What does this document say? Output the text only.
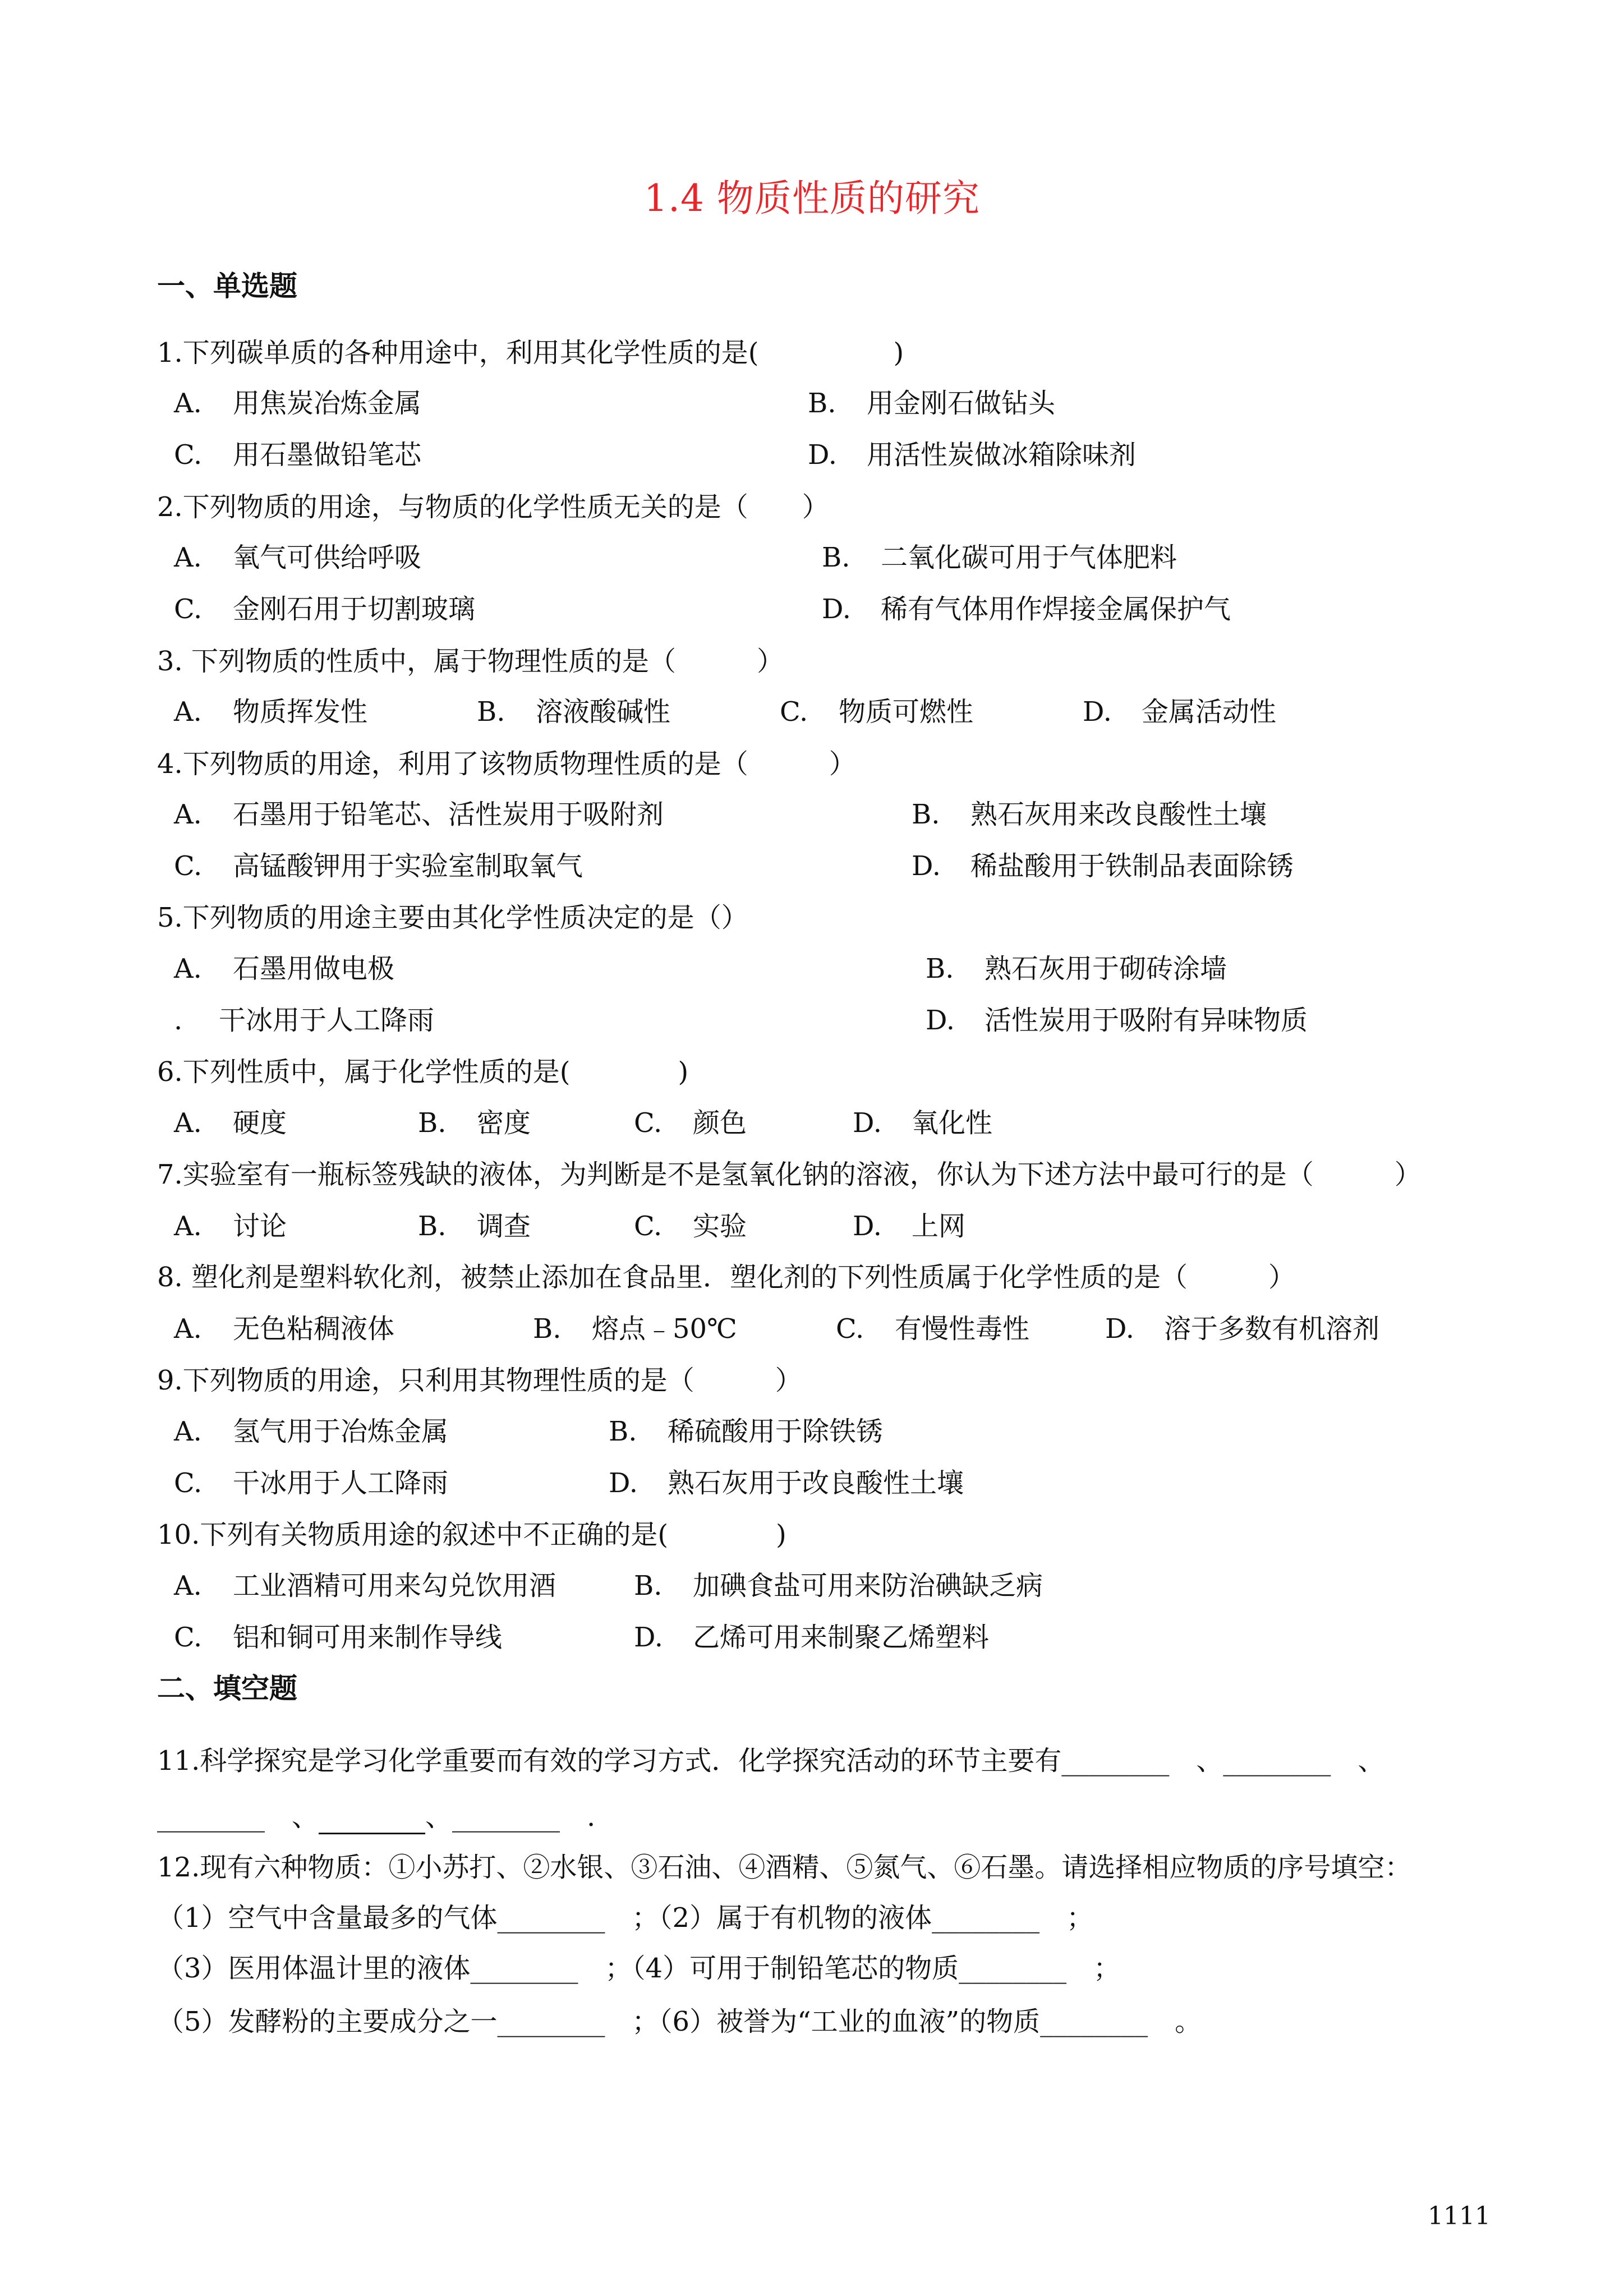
1.4 物质性质的研究
一、单选题
1.下列碳单质的各种用途中，利用其化学性质的是(　　　　　)
A. 用焦炭冶炼金属	B. 用金刚石做钻头
C. 用石墨做铅笔芯	D. 用活性炭做冰箱除味剂
2.下列物质的用途，与物质的化学性质无关的是（　　）
A. 氧气可供给呼吸	B. 二氧化碳可用于气体肥料
C. 金刚石用于切割玻璃	D. 稀有气体用作焊接金属保护气
3. 下列物质的性质中，属于物理性质的是（　　　）
A. 物质挥发性	B. 溶液酸碱性	C. 物质可燃性	D. 金属活动性
4.下列物质的用途，利用了该物质物理性质的是（　　　）
A. 石墨用于铅笔芯、活性炭用于吸附剂	B. 熟石灰用来改良酸性土壤
C. 高锰酸钾用于实验室制取氧气	D. 稀盐酸用于铁制品表面除锈
5.下列物质的用途主要由其化学性质决定的是（）
A. 石墨用做电极	B. 熟石灰用于砌砖涂墙
. 干冰用于人工降雨	D. 活性炭用于吸附有异味物质
6.下列性质中，属于化学性质的是(　　　　)
A. 硬度	B. 密度	C. 颜色	D. 氧化性
7.实验室有一瓶标签残缺的液体，为判断是不是氢氧化钠的溶液，你认为下述方法中最可行的是（　　　）
A. 讨论	B. 调查	C. 实验	D. 上网
8. 塑化剂是塑料软化剂，被禁止添加在食品里．塑化剂的下列性质属于化学性质的是（　　　）
A. 无色粘稠液体	B. 熔点﹣50℃	C. 有慢性毒性	D. 溶于多数有机溶剂
9.下列物质的用途，只利用其物理性质的是（　　　）
A. 氢气用于冶炼金属	B. 稀硫酸用于除铁锈
C. 干冰用于人工降雨	D. 熟石灰用于改良酸性土壤
10.下列有关物质用途的叙述中不正确的是(　　　　)
A. 工业酒精可用来勾兑饮用酒	B. 加碘食盐可用来防治碘缺乏病
C. 铝和铜可用来制作导线	D. 乙烯可用来制聚乙烯塑料
二、填空题
11.科学探究是学习化学重要而有效的学习方式．化学探究活动的环节主要有________　、________　、
________　、	、________　.
12.现有六种物质：①小苏打、②水银、③石油、④酒精、⑤氮气、⑥石墨。请选择相应物质的序号填空：
（1）空气中含量最多的气体________　；（2）属于有机物的液体________　；
（3）医用体温计里的液体________　；（4）可用于制铅笔芯的物质________　；
（5）发酵粉的主要成分之一________　；（6）被誉为“工业的血液”的物质________　。
1111
